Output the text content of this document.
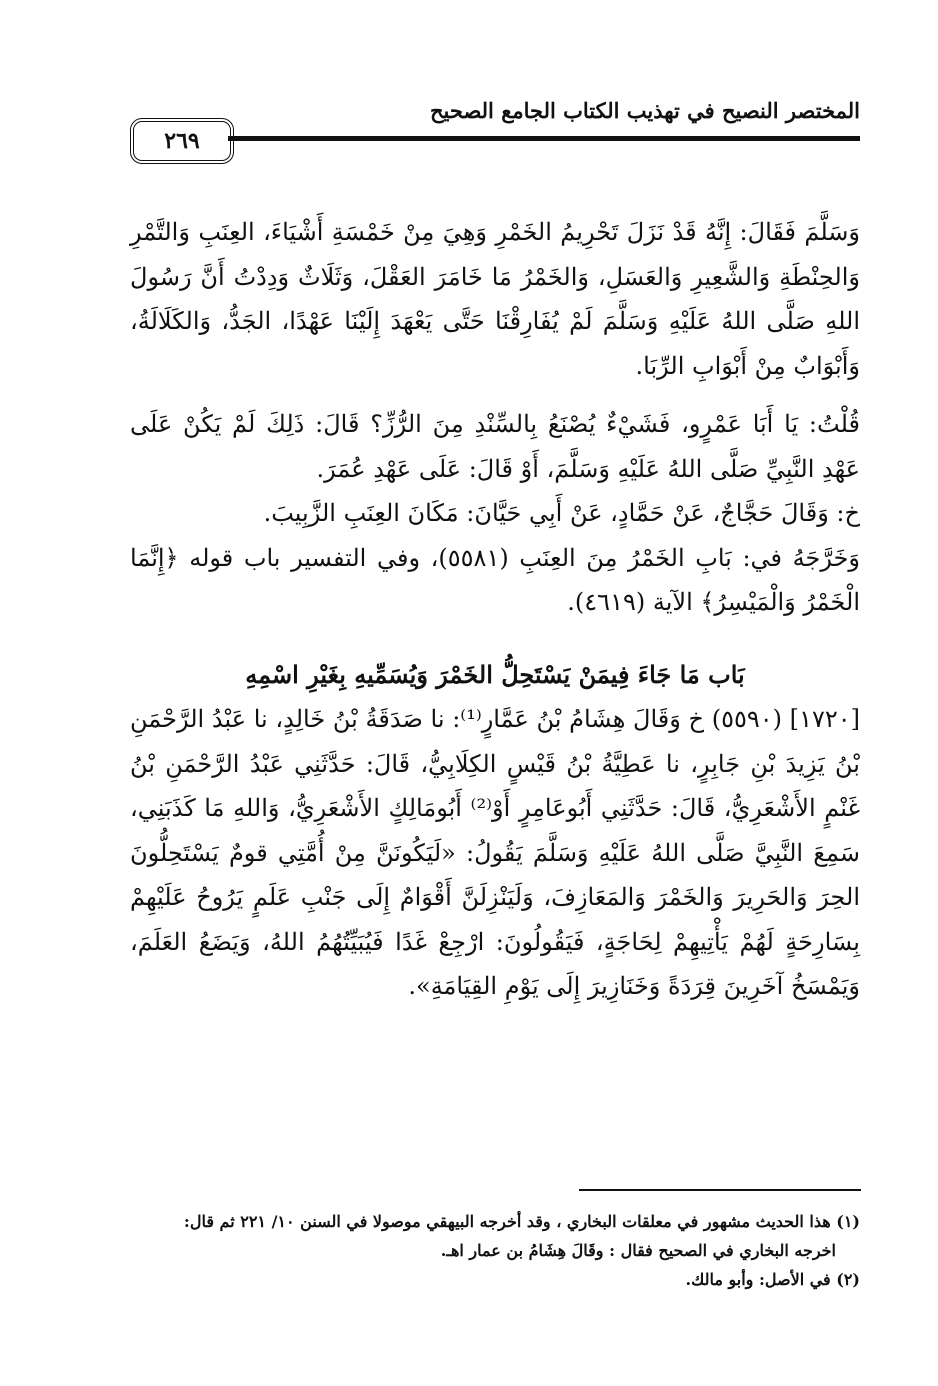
المختصر النصيح في تهذيب الكتاب الجامع الصحيح
٢٦٩

وَسَلَّمَ فَقَالَ: إِنَّهُ قَدْ نَزَلَ تَحْرِيمُ الخَمْرِ وَهِيَ مِنْ خَمْسَةِ أَشْيَاءَ، العِنَبِ وَالتَّمْرِ وَالحِنْطَةِ وَالشَّعِيرِ وَالعَسَلِ، وَالخَمْرُ مَا خَامَرَ العَقْلَ، وَثَلَاثٌ وَدِدْتُ أَنَّ رَسُولَ اللهِ صَلَّى اللهُ عَلَيْهِ وَسَلَّمَ لَمْ يُفَارِقْنَا حَتَّى يَعْهَدَ إِلَيْنَا عَهْدًا، الجَدُّ، وَالكَلَالَةُ، وَأَبْوَابٌ مِنْ أَبْوَابِ الرِّبَا.

قُلْتُ: يَا أَبَا عَمْرٍو، فَشَيْءٌ يُصْنَعُ بِالسِّنْدِ مِنَ الرُّزِّ؟ قَالَ: ذَلِكَ لَمْ يَكُنْ عَلَى عَهْدِ النَّبِيِّ صَلَّى اللهُ عَلَيْهِ وَسَلَّمَ، أَوْ قَالَ: عَلَى عَهْدِ عُمَرَ.

خ: وَقَالَ حَجَّاجٌ، عَنْ حَمَّادٍ، عَنْ أَبِي حَيَّانَ: مَكَانَ العِنَبِ الزَّبِيبَ.

وَخَرَّجَهُ في: بَابِ الخَمْرُ مِنَ العِنَبِ (٥٥٨١)، وفي التفسير باب قوله ﴿إِنَّمَا الْخَمْرُ وَالْمَيْسِرُ﴾ الآية (٤٦١٩).

بَاب مَا جَاءَ فِيمَنْ يَسْتَحِلُّ الخَمْرَ وَيُسَمِّيهِ بِغَيْرِ اسْمِهِ

[١٧٢٠] (٥٥٩٠) خ وَقَالَ هِشَامُ بْنُ عَمَّارٍ⁽¹⁾: نا صَدَقَةُ بْنُ خَالِدٍ، نا عَبْدُ الرَّحْمَنِ بْنُ يَزِيدَ بْنِ جَابِرٍ، نا عَطِيَّةُ بْنُ قَيْسٍ الكِلَابِيُّ، قَالَ: حَدَّثَنِي عَبْدُ الرَّحْمَنِ بْنُ غَنْمٍ الأَشْعَرِيُّ، قَالَ: حَدَّثَنِي أَبُوعَامِرٍ أَوْ⁽²⁾ أَبُومَالِكٍ الأَشْعَرِيُّ، وَاللهِ مَا كَذَبَنِي، سَمِعَ النَّبِيَّ صَلَّى اللهُ عَلَيْهِ وَسَلَّمَ يَقُولُ: «لَيَكُونَنَّ مِنْ أُمَّتِي قومٌ يَسْتَحِلُّونَ الحِرَ وَالحَرِيرَ وَالخَمْرَ وَالمَعَازِفَ، وَلَيَنْزِلَنَّ أَقْوَامٌ إِلَى جَنْبِ عَلَمٍ يَرُوحُ عَلَيْهِمْ بِسَارِحَةٍ لَهُمْ يَأْتِيهِمْ لِحَاجَةٍ، فَيَقُولُونَ: ارْجِعْ غَدًا فَيُبَيِّتُهُمُ اللهُ، وَيَضَعُ العَلَمَ، وَيَمْسَخُ آخَرِينَ قِرَدَةً وَخَنَازِيرَ إِلَى يَوْمِ القِيَامَةِ».

(١) هذا الحديث مشهور في معلقات البخاري ، وقد أخرجه البيهقي موصولا في السنن ١٠/ ٢٢١ ثم قال:

اخرجه البخاري في الصحيح فقال : وقَالَ هِشَامُ بن عمار اهـ.

(٢) في الأصل: وأبو مالك.
